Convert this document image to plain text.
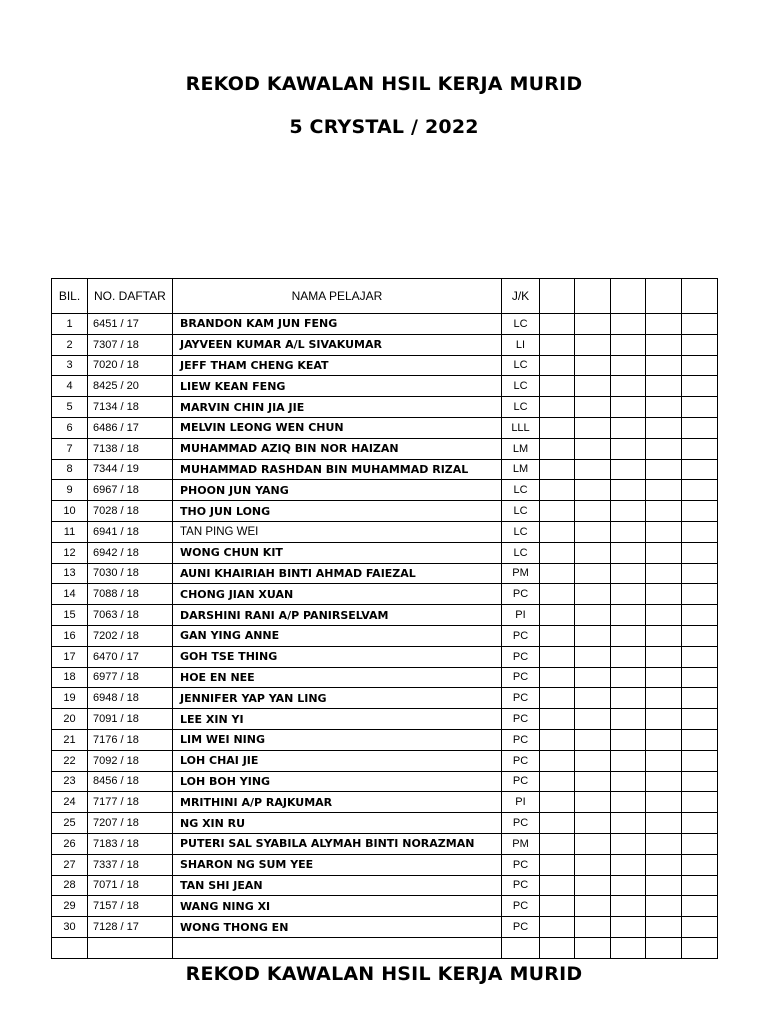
REKOD KAWALAN HSIL KERJA MURID
5 CRYSTAL / 2022
BIL.	NO. DAFTAR	NAMA PELAJAR	J/K					
1	6451 / 17	BRANDON KAM JUN FENG	LC					
2	7307 / 18	JAYVEEN KUMAR A/L SIVAKUMAR	LI					
3	7020 / 18	JEFF THAM CHENG KEAT	LC					
4	8425 / 20	LIEW KEAN FENG	LC					
5	7134 / 18	MARVIN CHIN JIA JIE	LC					
6	6486 / 17	MELVIN LEONG WEN CHUN	LLL					
7	7138 / 18	MUHAMMAD AZIQ BIN NOR HAIZAN	LM					
8	7344 / 19	MUHAMMAD RASHDAN BIN MUHAMMAD RIZAL	LM					
9	6967 / 18	PHOON JUN YANG	LC					
10	7028 / 18	THO JUN LONG	LC					
11	6941 / 18	TAN PING WEI	LC					
12	6942 / 18	WONG CHUN KIT	LC					
13	7030 / 18	AUNI KHAIRIAH BINTI AHMAD FAIEZAL	PM					
14	7088 / 18	CHONG JIAN XUAN	PC					
15	7063 / 18	DARSHINI RANI A/P PANIRSELVAM	PI					
16	7202 / 18	GAN YING ANNE	PC					
17	6470 / 17	GOH TSE THING	PC					
18	6977 / 18	HOE EN NEE	PC					
19	6948 / 18	JENNIFER YAP YAN LING	PC					
20	7091 / 18	LEE XIN YI	PC					
21	7176 / 18	LIM WEI NING	PC					
22	7092 / 18	LOH CHAI JIE	PC					
23	8456 / 18	LOH BOH YING	PC					
24	7177 / 18	MRITHINI A/P RAJKUMAR	PI					
25	7207 / 18	NG XIN RU	PC					
26	7183 / 18	PUTERI SAL SYABILA ALYMAH BINTI NORAZMAN	PM					
27	7337 / 18	SHARON NG SUM YEE	PC					
28	7071 / 18	TAN SHI JEAN	PC					
29	7157 / 18	WANG NING XI	PC					
30	7128 / 17	WONG THONG EN	PC					

REKOD KAWALAN HSIL KERJA MURID
